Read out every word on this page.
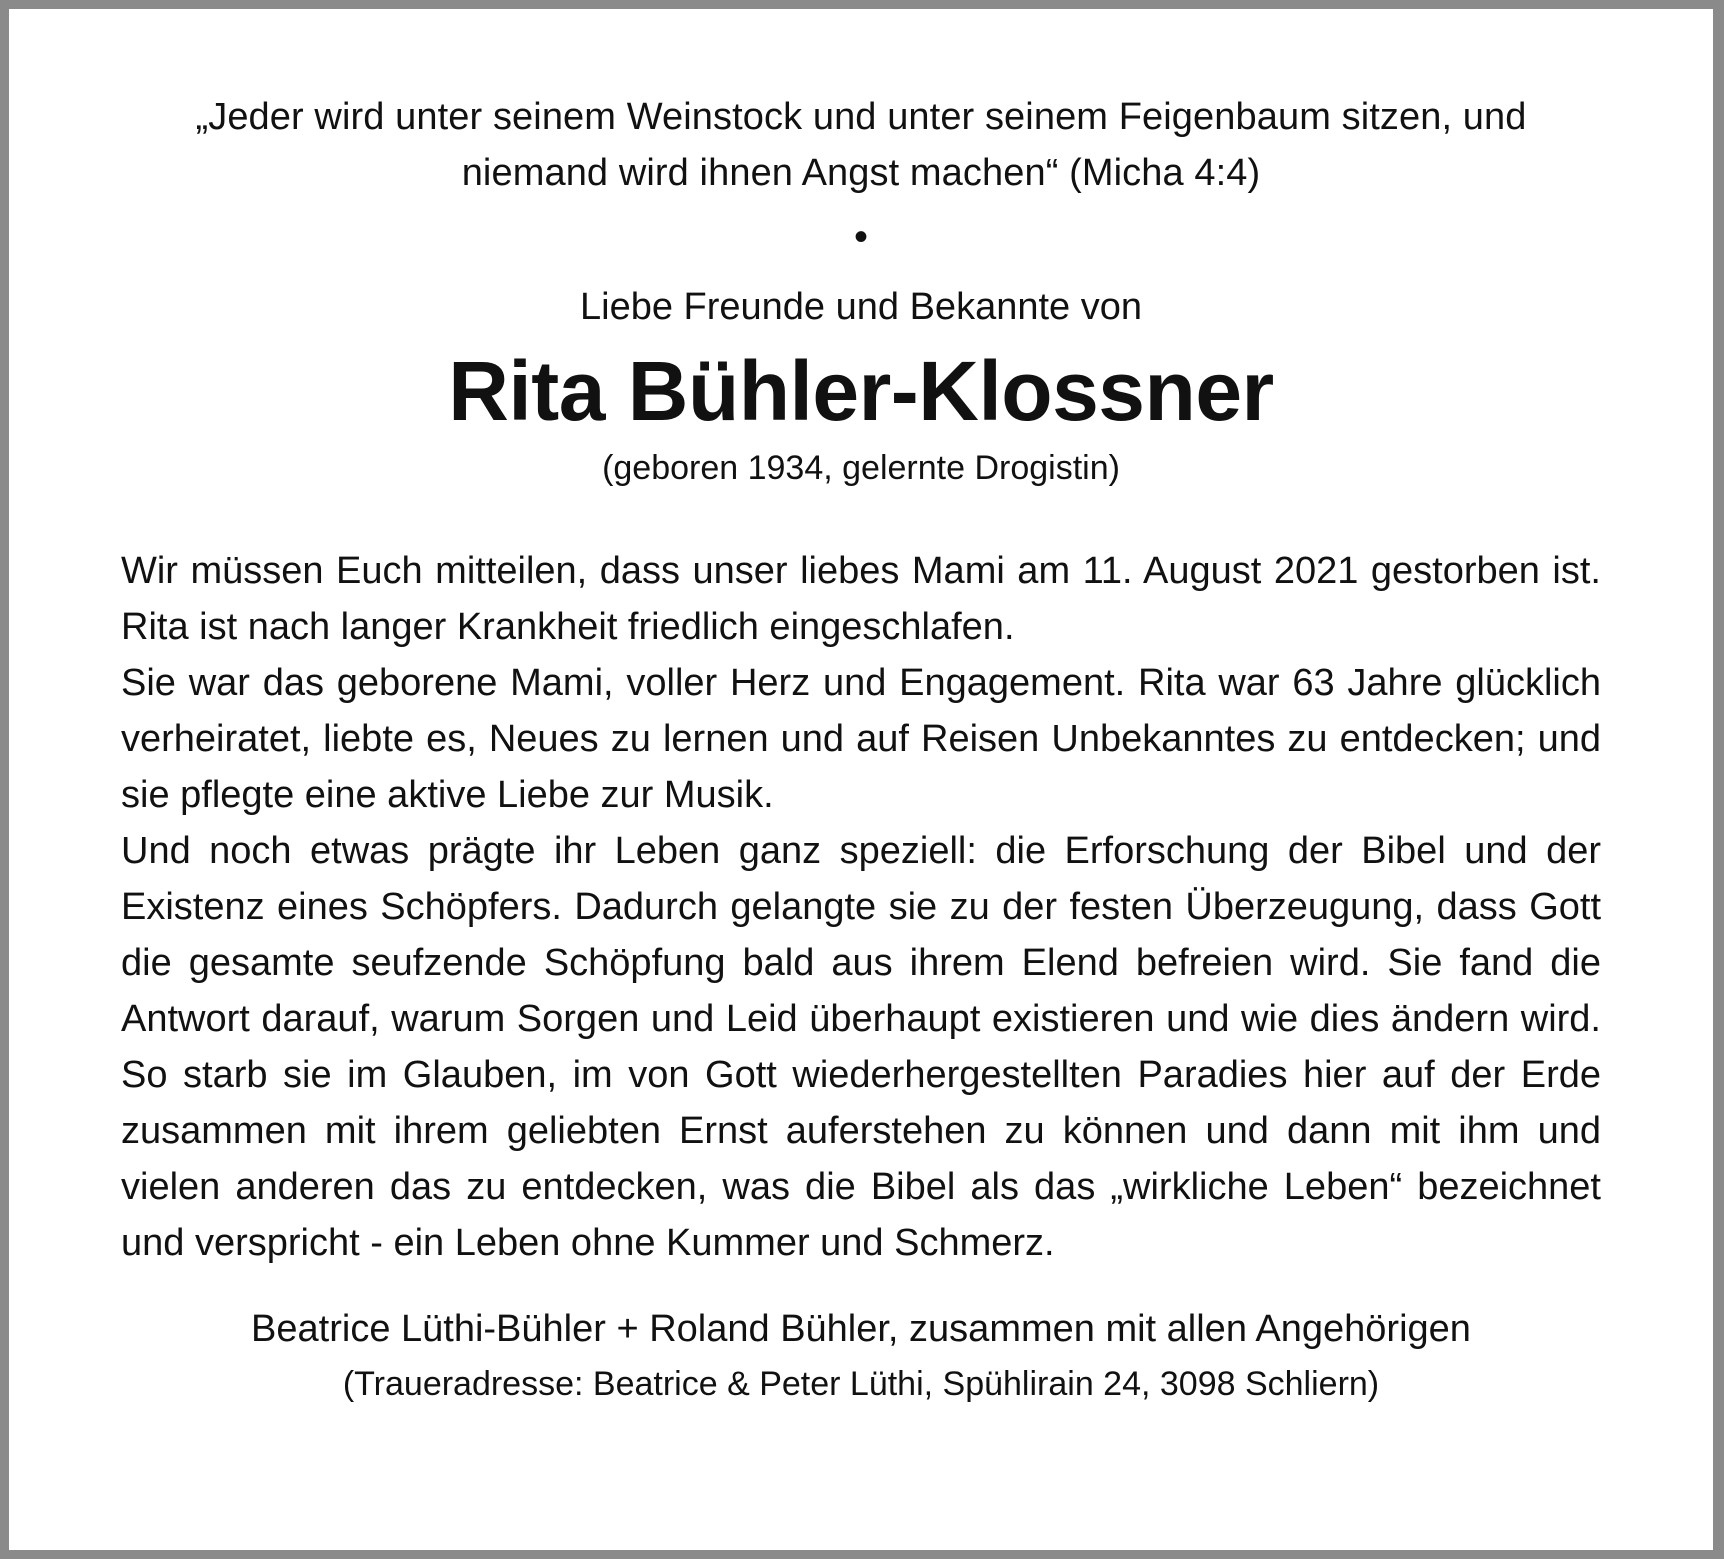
„Jeder wird unter seinem Weinstock und unter seinem Feigenbaum sitzen, und
niemand wird ihnen Angst machen“ (Micha 4:4)
•
Liebe Freunde und Bekannte von
Rita Bühler-Klossner
(geboren 1934, gelernte Drogistin)

Wir müssen Euch mitteilen, dass unser liebes Mami am 11. August 2021 gestorben ist. Rita ist nach langer Krankheit friedlich eingeschlafen.

Sie war das geborene Mami, voller Herz und Engagement. Rita war 63 Jahre glücklich verheiratet, liebte es, Neues zu lernen und auf Reisen Unbekanntes zu entdecken; und sie pflegte eine aktive Liebe zur Musik.

Und noch etwas prägte ihr Leben ganz speziell: die Erforschung der Bibel und der Existenz eines Schöpfers. Dadurch gelangte sie zu der festen Überzeugung, dass Gott die gesamte seufzende Schöpfung bald aus ihrem Elend befreien wird. Sie fand die Antwort darauf, warum Sorgen und Leid überhaupt existieren und wie dies ändern wird. So starb sie im Glauben, im von Gott wiederhergestellten Paradies hier auf der Erde zusammen mit ihrem geliebten Ernst auferstehen zu können und dann mit ihm und vielen anderen das zu entdecken, was die Bibel als das „wirkliche Leben“ bezeichnet und verspricht - ein Leben ohne Kummer und Schmerz.

Beatrice Lüthi-Bühler + Roland Bühler, zusammen mit allen Angehörigen
(Traueradresse: Beatrice & Peter Lüthi, Spühlirain 24, 3098 Schliern)
